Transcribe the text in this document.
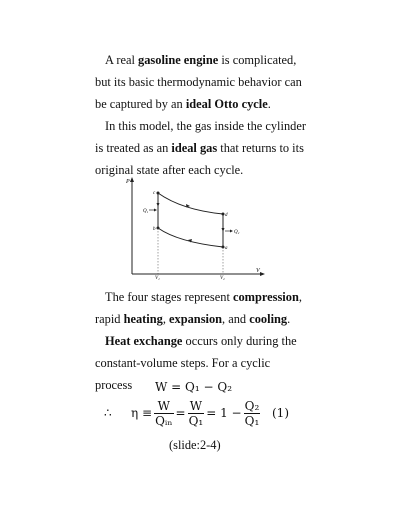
A real gasoline engine is complicated, but its basic thermodynamic behavior can be captured by an ideal Otto cycle.

In this model, the gas inside the cylinder is treated as an ideal gas that returns to its original state after each cycle.

P
V
c
b
d
a
Q₁
Q₂
V₁	V₂

The four stages represent compression, rapid heating, expansion, and cooling.

Heat exchange occurs only during the constant-volume steps. For a cyclic process	W = Q₁ − Q₂
∴ $\eta \equiv \frac{W}{\text{Qᵢₙ}} = \frac{W}{\text{Q₁}} = 1 - \frac{\text{Q₂}}{\text{Q₁}} (1)$
(slide:2-4)
